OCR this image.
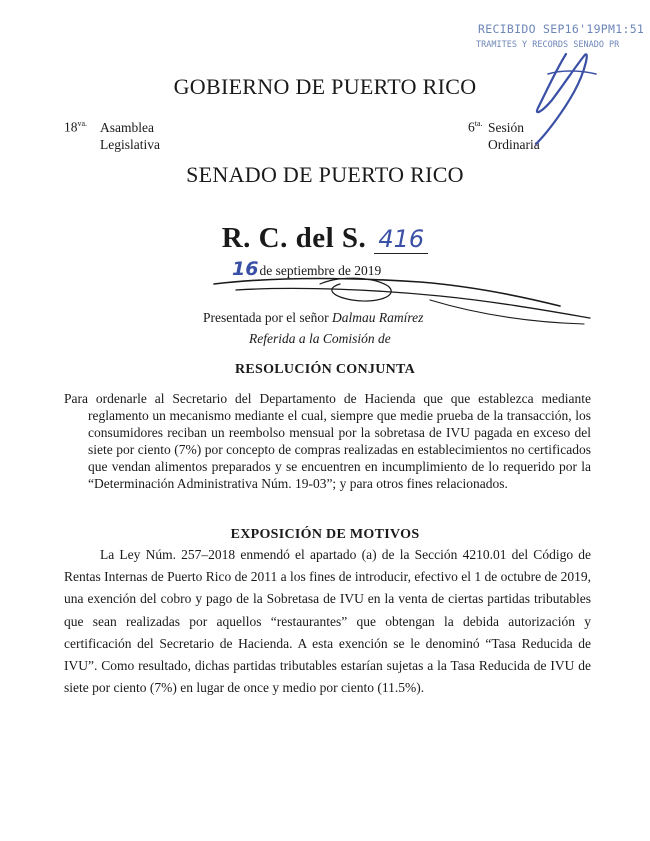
RECIBIDO SEP16'19PM1:51
TRAMITES Y RECORDS SENADO PR
GOBIERNO DE PUERTO RICO
$18^{va.}$ Asamblea
Legislativa
$6^{ta.}$ Sesión
Ordinaria
SENADO DE PUERTO RICO
R. C. del S. 416
16de septiembre de 2019
Presentada por el señor Dalmau Ramírez
Referida a la Comisión de
RESOLUCIÓN CONJUNTA
Para ordenarle al Secretario del Departamento de Hacienda que que establezca mediante reglamento un mecanismo mediante el cual, siempre que medie prueba de la transacción, los consumidores reciban un reembolso mensual por la sobretasa de IVU pagada en exceso del siete por ciento (7%) por concepto de compras realizadas en establecimientos no certificados que vendan alimentos preparados y se encuentren en incumplimiento de lo requerido por la “Determinación Administrativa Núm. 19-03”; y para otros fines relacionados.
EXPOSICIÓN DE MOTIVOS
La Ley Núm. 257–2018 enmendó el apartado (a) de la Sección 4210.01 del Código de Rentas Internas de Puerto Rico de 2011 a los fines de introducir, efectivo el 1 de octubre de 2019, una exención del cobro y pago de la Sobretasa de IVU en la venta de ciertas partidas tributables que sean realizadas por aquellos “restaurantes” que obtengan la debida autorización y certificación del Secretario de Hacienda. A esta exención se le denominó “Tasa Reducida de IVU”. Como resultado, dichas partidas tributables estarían sujetas a la Tasa Reducida de IVU de siete por ciento (7%) en lugar de once y medio por ciento (11.5%).
